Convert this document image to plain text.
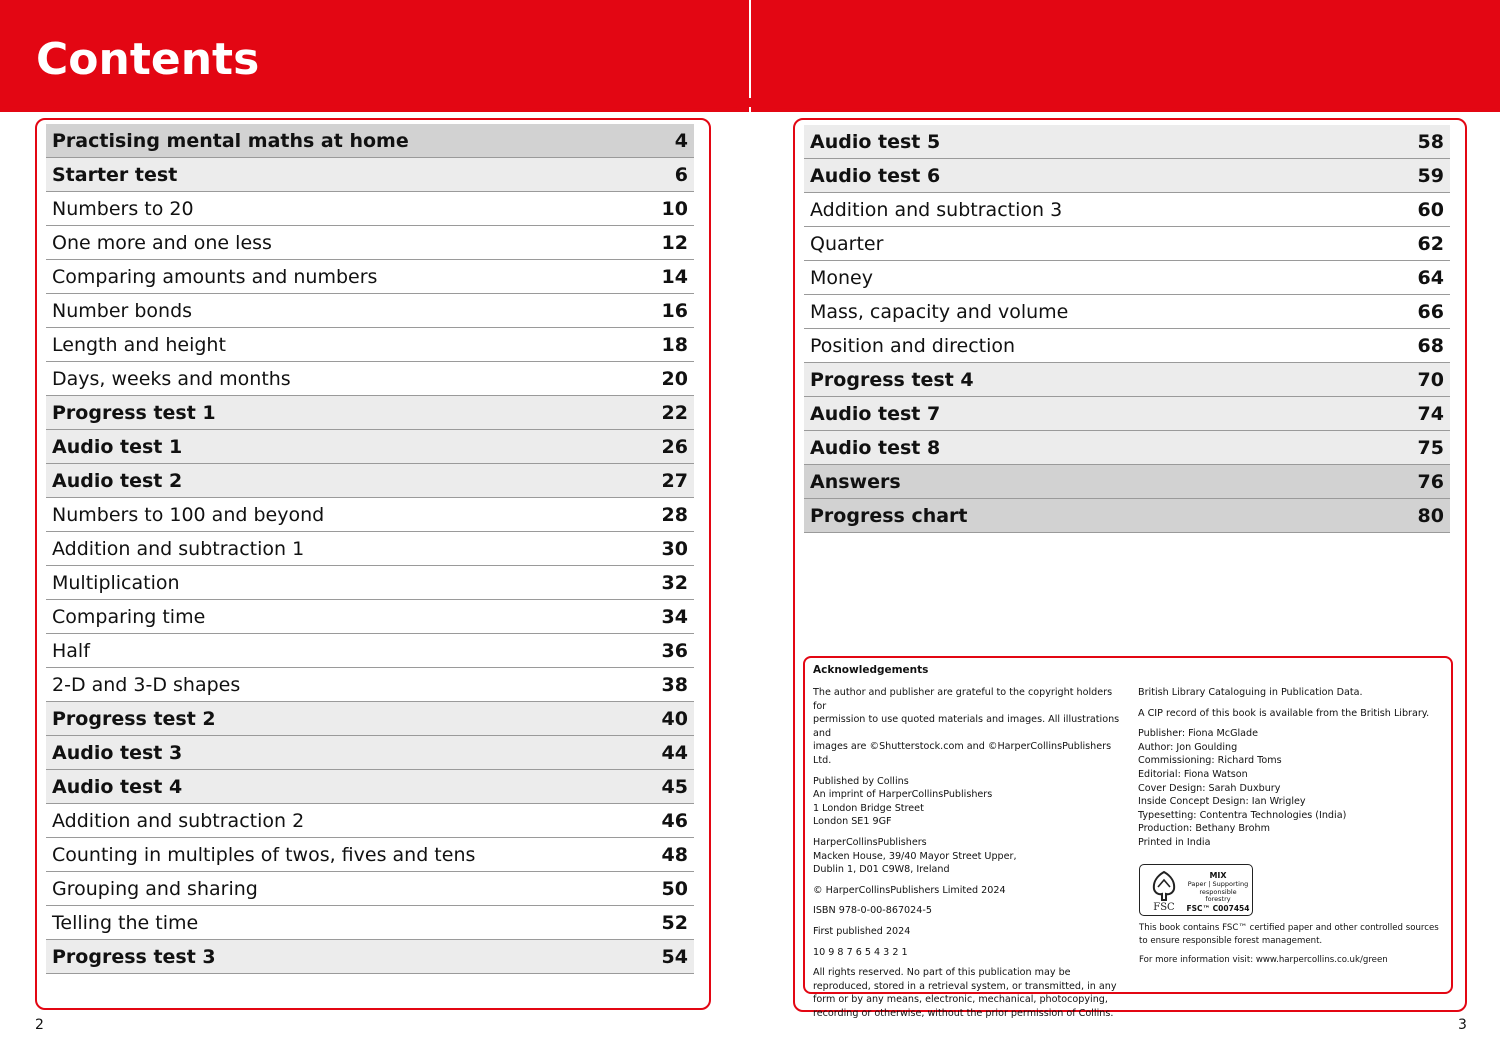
Contents
Practising mental maths at home	4
Starter test	6
Numbers to 20	10
One more and one less	12
Comparing amounts and numbers	14
Number bonds	16
Length and height	18
Days, weeks and months	20
Progress test 1	22
Audio test 1	26
Audio test 2	27
Numbers to 100 and beyond	28
Addition and subtraction 1	30
Multiplication	32
Comparing time	34
Half	36
2-D and 3-D shapes	38
Progress test 2	40
Audio test 3	44
Audio test 4	45
Addition and subtraction 2	46
Counting in multiples of twos, fives and tens	48
Grouping and sharing	50
Telling the time	52
Progress test 3	54
Audio test 5	58
Audio test 6	59
Addition and subtraction 3	60
Quarter	62
Money	64
Mass, capacity and volume	66
Position and direction	68
Progress test 4	70
Audio test 7	74
Audio test 8	75
Answers	76
Progress chart	80
Acknowledgements

The author and publisher are grateful to the copyright holders for
permission to use quoted materials and images. All illustrations and
images are ©Shutterstock.com and ©HarperCollinsPublishers Ltd.

Published by Collins
An imprint of HarperCollinsPublishers
1 London Bridge Street
London SE1 9GF

HarperCollinsPublishers
Macken House, 39/40 Mayor Street Upper,
Dublin 1, D01 C9W8, Ireland

© HarperCollinsPublishers Limited 2024

ISBN 978-0-00-867024-5

First published 2024

10 9 8 7 6 5 4 3 2 1

All rights reserved. No part of this publication may be
reproduced, stored in a retrieval system, or transmitted, in any
form or by any means, electronic, mechanical, photocopying,
recording or otherwise, without the prior permission of Collins.

British Library Cataloguing in Publication Data.

A CIP record of this book is available from the British Library.

Publisher: Fiona McGlade
Author: Jon Goulding
Commissioning: Richard Toms
Editorial: Fiona Watson
Cover Design: Sarah Duxbury
Inside Concept Design: Ian Wrigley
Typesetting: Contentra Technologies (India)
Production: Bethany Brohm
Printed in India

FSC
MIX
Paper | Supporting responsible forestry
FSC™ C007454
This book contains FSC™ certified paper and other controlled sources to ensure responsible forest management.
For more information visit: www.harpercollins.co.uk/green
2	3
